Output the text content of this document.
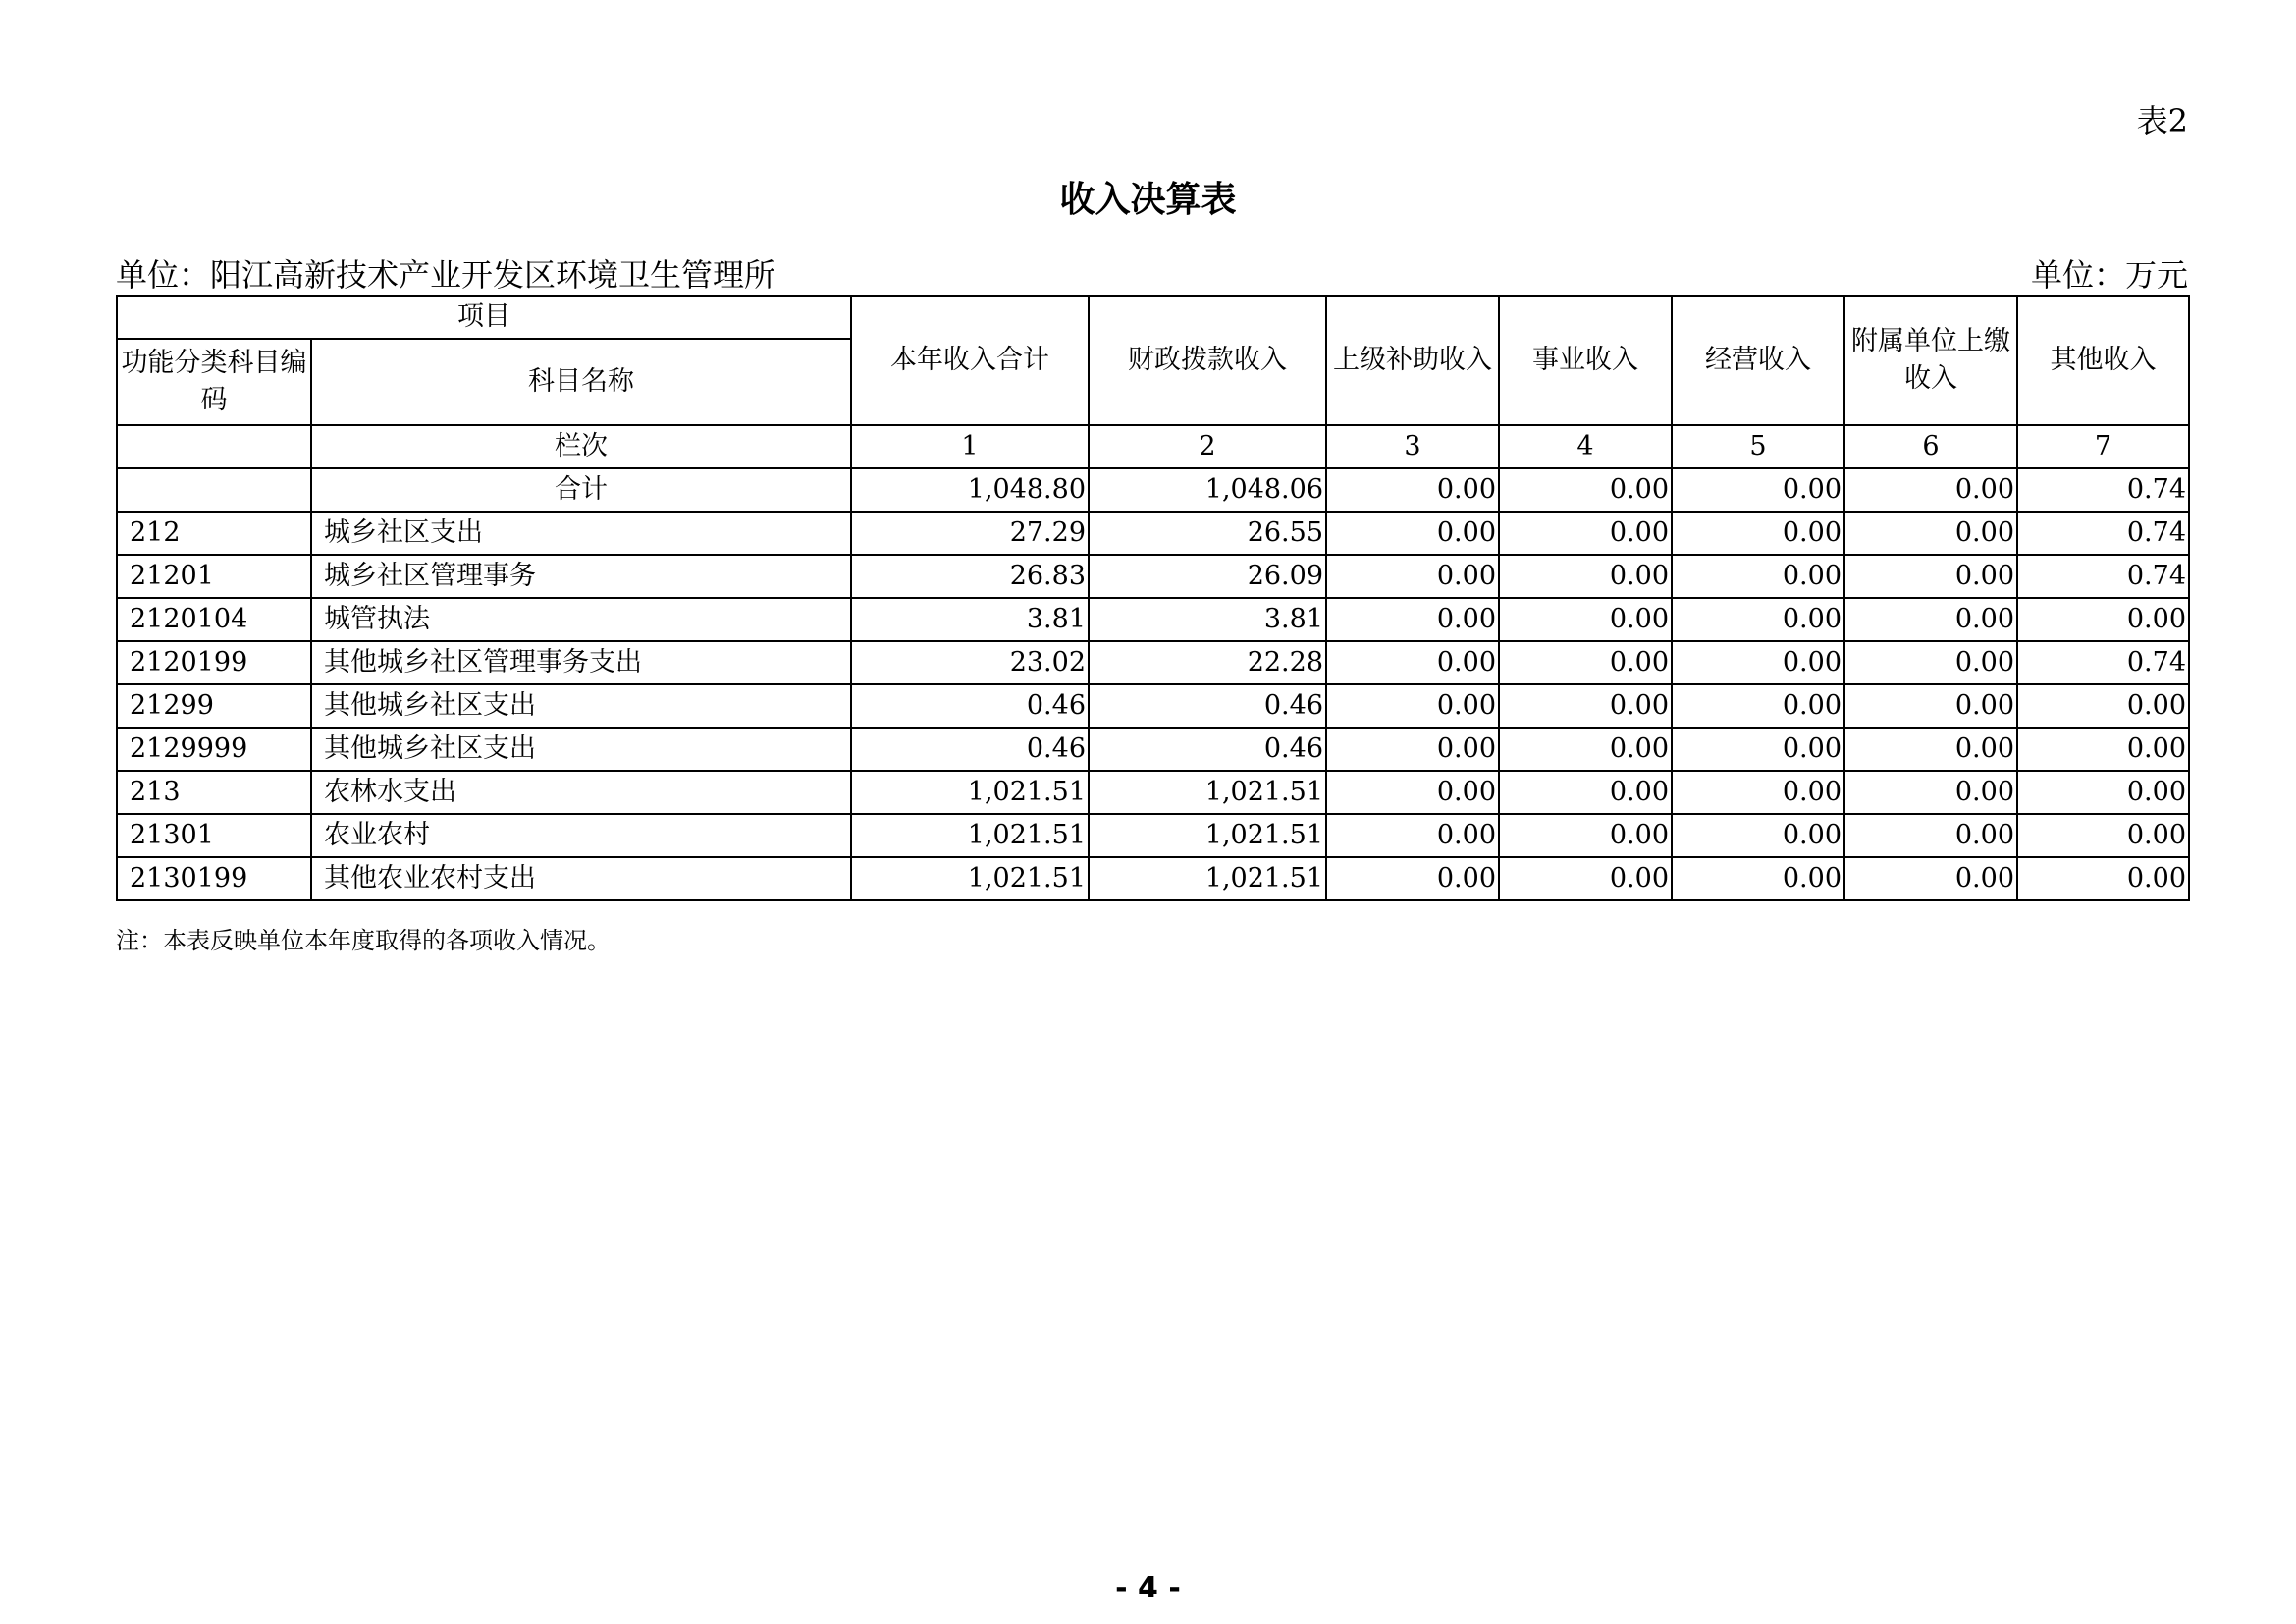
表2
收入决算表
单位：阳江高新技术产业开发区环境卫生管理所	单位：万元
项目		本年收入合计	财政拨款收入	上级补助收入	事业收入	经营收入	附属单位上缴收入	其他收入
功能分类科目编码	科目名称							
	栏次	1	2	3	4	5	6	7
	合计	1,048.80	1,048.06	0.00	0.00	0.00	0.00	0.74
212	城乡社区支出	27.29	26.55	0.00	0.00	0.00	0.00	0.74
21201	城乡社区管理事务	26.83	26.09	0.00	0.00	0.00	0.00	0.74
2120104	城管执法	3.81	3.81	0.00	0.00	0.00	0.00	0.00
2120199	其他城乡社区管理事务支出	23.02	22.28	0.00	0.00	0.00	0.00	0.74
21299	其他城乡社区支出	0.46	0.46	0.00	0.00	0.00	0.00	0.00
2129999	其他城乡社区支出	0.46	0.46	0.00	0.00	0.00	0.00	0.00
213	农林水支出	1,021.51	1,021.51	0.00	0.00	0.00	0.00	0.00
21301	农业农村	1,021.51	1,021.51	0.00	0.00	0.00	0.00	0.00
2130199	其他农业农村支出	1,021.51	1,021.51	0.00	0.00	0.00	0.00	0.00
注：本表反映单位本年度取得的各项收入情况。
- 4 -
